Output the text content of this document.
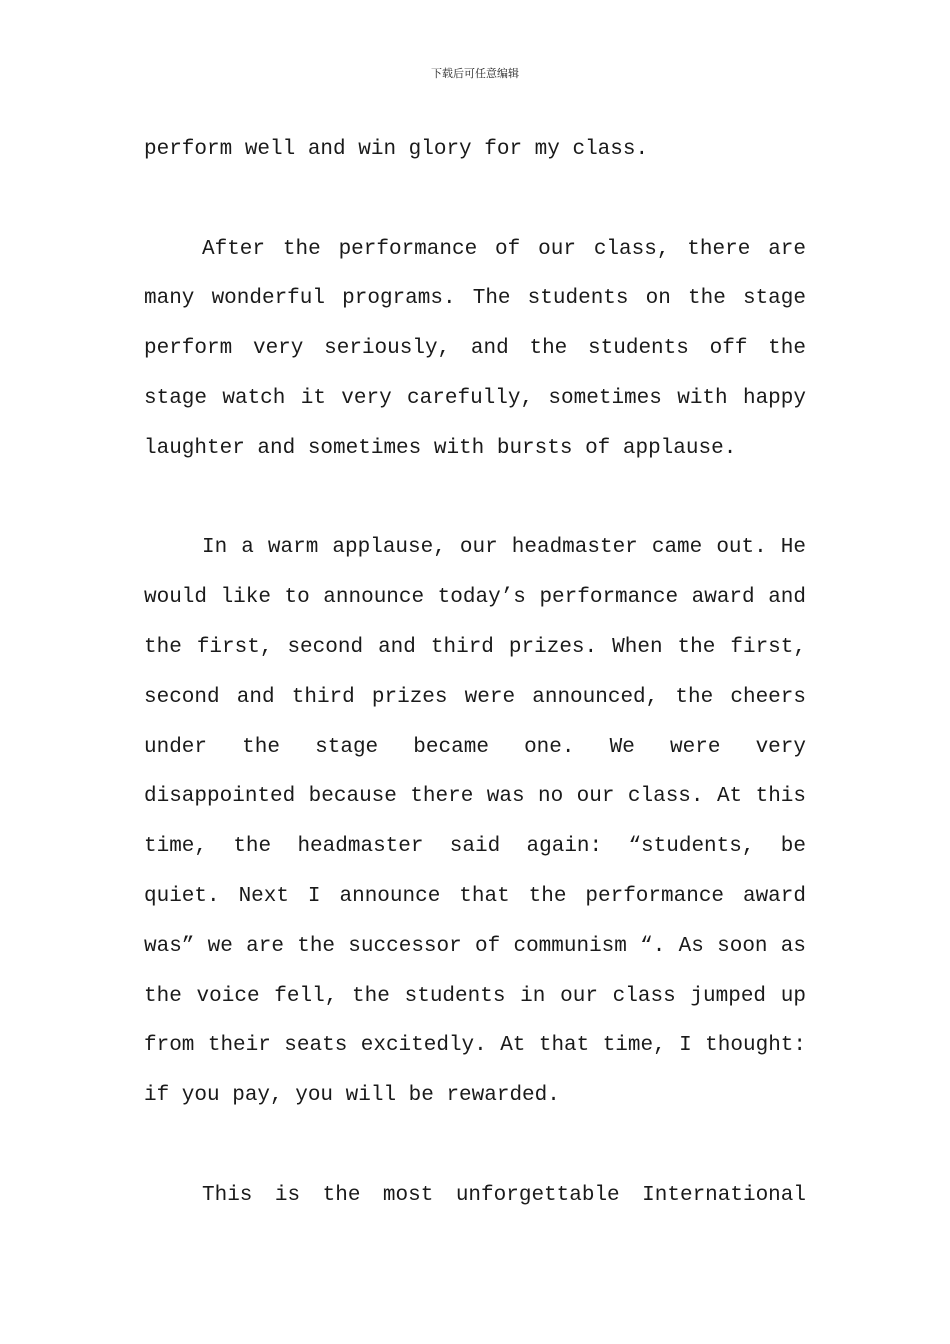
下载后可任意编辑

perform well and win glory for my class.

After the performance of our class, there are many wonderful programs. The students on the stage perform very seriously, and the students off the stage watch it very carefully, sometimes with happy laughter and sometimes with bursts of applause.

In a warm applause, our headmaster came out. He would like to announce today’s performance award and the first, second and third prizes. When the first, second and third prizes were announced, the cheers under the stage became one. We were very disappointed because there was no our class. At this time, the headmaster said again: “students, be quiet. Next I announce that the performance award was” we are the successor of communism “. As soon as the voice fell, the students in our class jumped up from their seats excitedly. At that time, I thought: if you pay, you will be rewarded.

This is the most unforgettable International
